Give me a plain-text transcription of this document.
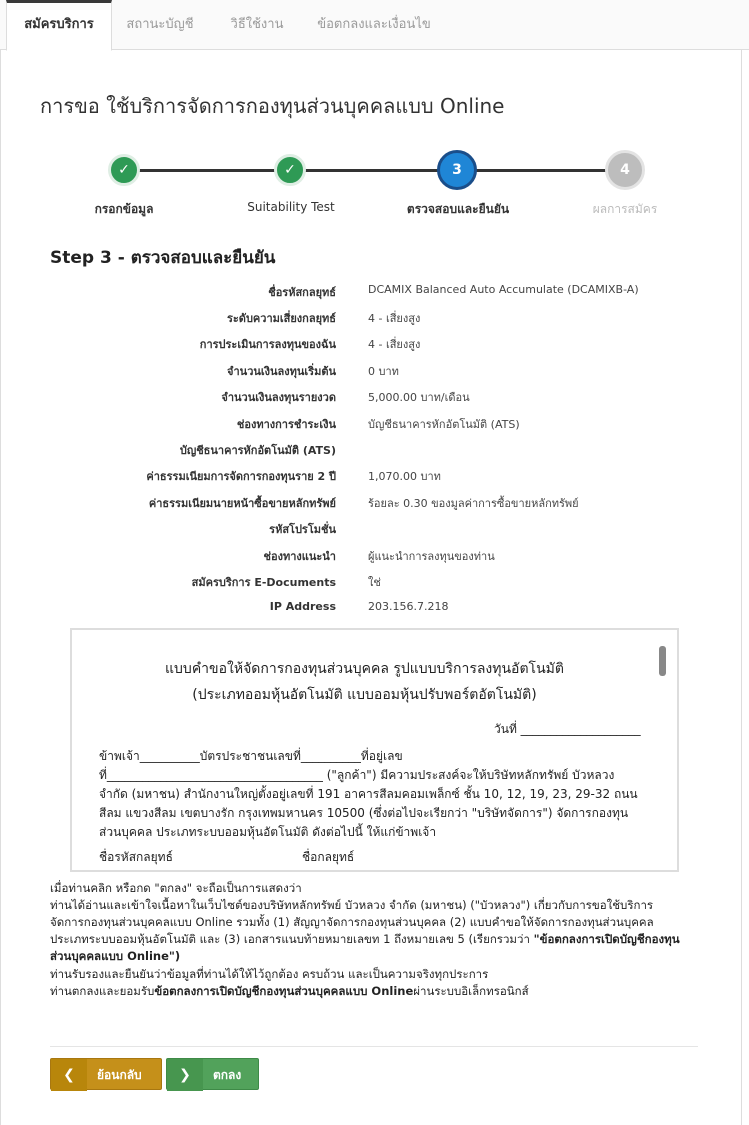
สมัครบริการ	สถานะบัญชี	วิธีใช้งาน	ข้อตกลงและเงื่อนไข
การขอ ใช้บริการจัดการกองทุนส่วนบุคคลแบบ Online
✓	✓	3	4
กรอกข้อมูล	Suitability Test	ตรวจสอบและยืนยัน	ผลการสมัคร
Step 3 - ตรวจสอบและยืนยัน
ชื่อรหัสกลยุทธ์	DCAMIX Balanced Auto Accumulate (DCAMIXB-A)
ระดับความเสี่ยงกลยุทธ์	4 - เสี่ยงสูง
การประเมินการลงทุนของฉัน	4 - เสี่ยงสูง
จำนวนเงินลงทุนเริ่มต้น	0 บาท
จำนวนเงินลงทุนรายงวด	5,000.00 บาท/เดือน
ช่องทางการชำระเงิน	บัญชีธนาคารหักอัตโนมัติ (ATS)
บัญชีธนาคารหักอัตโนมัติ (ATS)
ค่าธรรมเนียมการจัดการกองทุนราย 2 ปี	1,070.00 บาท
ค่าธรรมเนียมนายหน้าซื้อขายหลักทรัพย์	ร้อยละ 0.30 ของมูลค่าการซื้อขายหลักทรัพย์
รหัสโปรโมชั่น
ช่องทางแนะนำ	ผู้แนะนำการลงทุนของท่าน
สมัครบริการ E-Documents	ใช่
IP Address	203.156.7.218
แบบคำขอให้จัดการกองทุนส่วนบุคคล รูปแบบบริการลงทุนอัตโนมัติ
(ประเภทออมหุ้นอัตโนมัติ แบบออมหุ้นปรับพอร์ตอัตโนมัติ)
วันที่ ____________________
ข้าพเจ้า__________บัตรประชาชนเลขที่__________ที่อยู่เลข
ที่____________________________________ ("ลูกค้า") มีความประสงค์จะให้บริษัทหลักทรัพย์ บัวหลวง
จำกัด (มหาชน) สำนักงานใหญ่ตั้งอยู่เลขที่ 191 อาคารสีลมคอมเพล็กซ์ ชั้น 10, 12, 19, 23, 29-32 ถนน
สีลม แขวงสีลม เขตบางรัก กรุงเทพมหานคร 10500 (ซึ่งต่อไปจะเรียกว่า "บริษัทจัดการ") จัดการกองทุน
ส่วนบุคคล ประเภทระบบออมหุ้นอัตโนมัติ ดังต่อไปนี้ ให้แก่ข้าพเจ้า
ชื่อรหัสกลยุทธ์	ชื่อกลยุทธ์
เมื่อท่านคลิก หรือกด "ตกลง" จะถือเป็นการแสดงว่า
ท่านได้อ่านและเข้าใจเนื้อหาในเว็บไซต์ของบริษัทหลักทรัพย์ บัวหลวง จำกัด (มหาชน) ("บัวหลวง") เกี่ยวกับการขอใช้บริการ
จัดการกองทุนส่วนบุคคลแบบ Online รวมทั้ง (1) สัญญาจัดการกองทุนส่วนบุคคล (2) แบบคำขอให้จัดการกองทุนส่วนบุคคล
ประเภทระบบออมหุ้นอัตโนมัติ และ (3) เอกสารแนบท้ายหมายเลขท 1 ถึงหมายเลข 5 (เรียกรวมว่า "ข้อตกลงการเปิดบัญชีกองทุน
ส่วนบุคคลแบบ Online")
ท่านรับรองและยืนยันว่าข้อมูลที่ท่านได้ให้ไว้ถูกต้อง ครบถ้วน และเป็นความจริงทุกประการ
ท่านตกลงและยอมรับข้อตกลงการเปิดบัญชีกองทุนส่วนบุคคลแบบ Onlineผ่านระบบอิเล็กทรอนิกส์
❮	ย้อนกลับ	❯	ตกลง
